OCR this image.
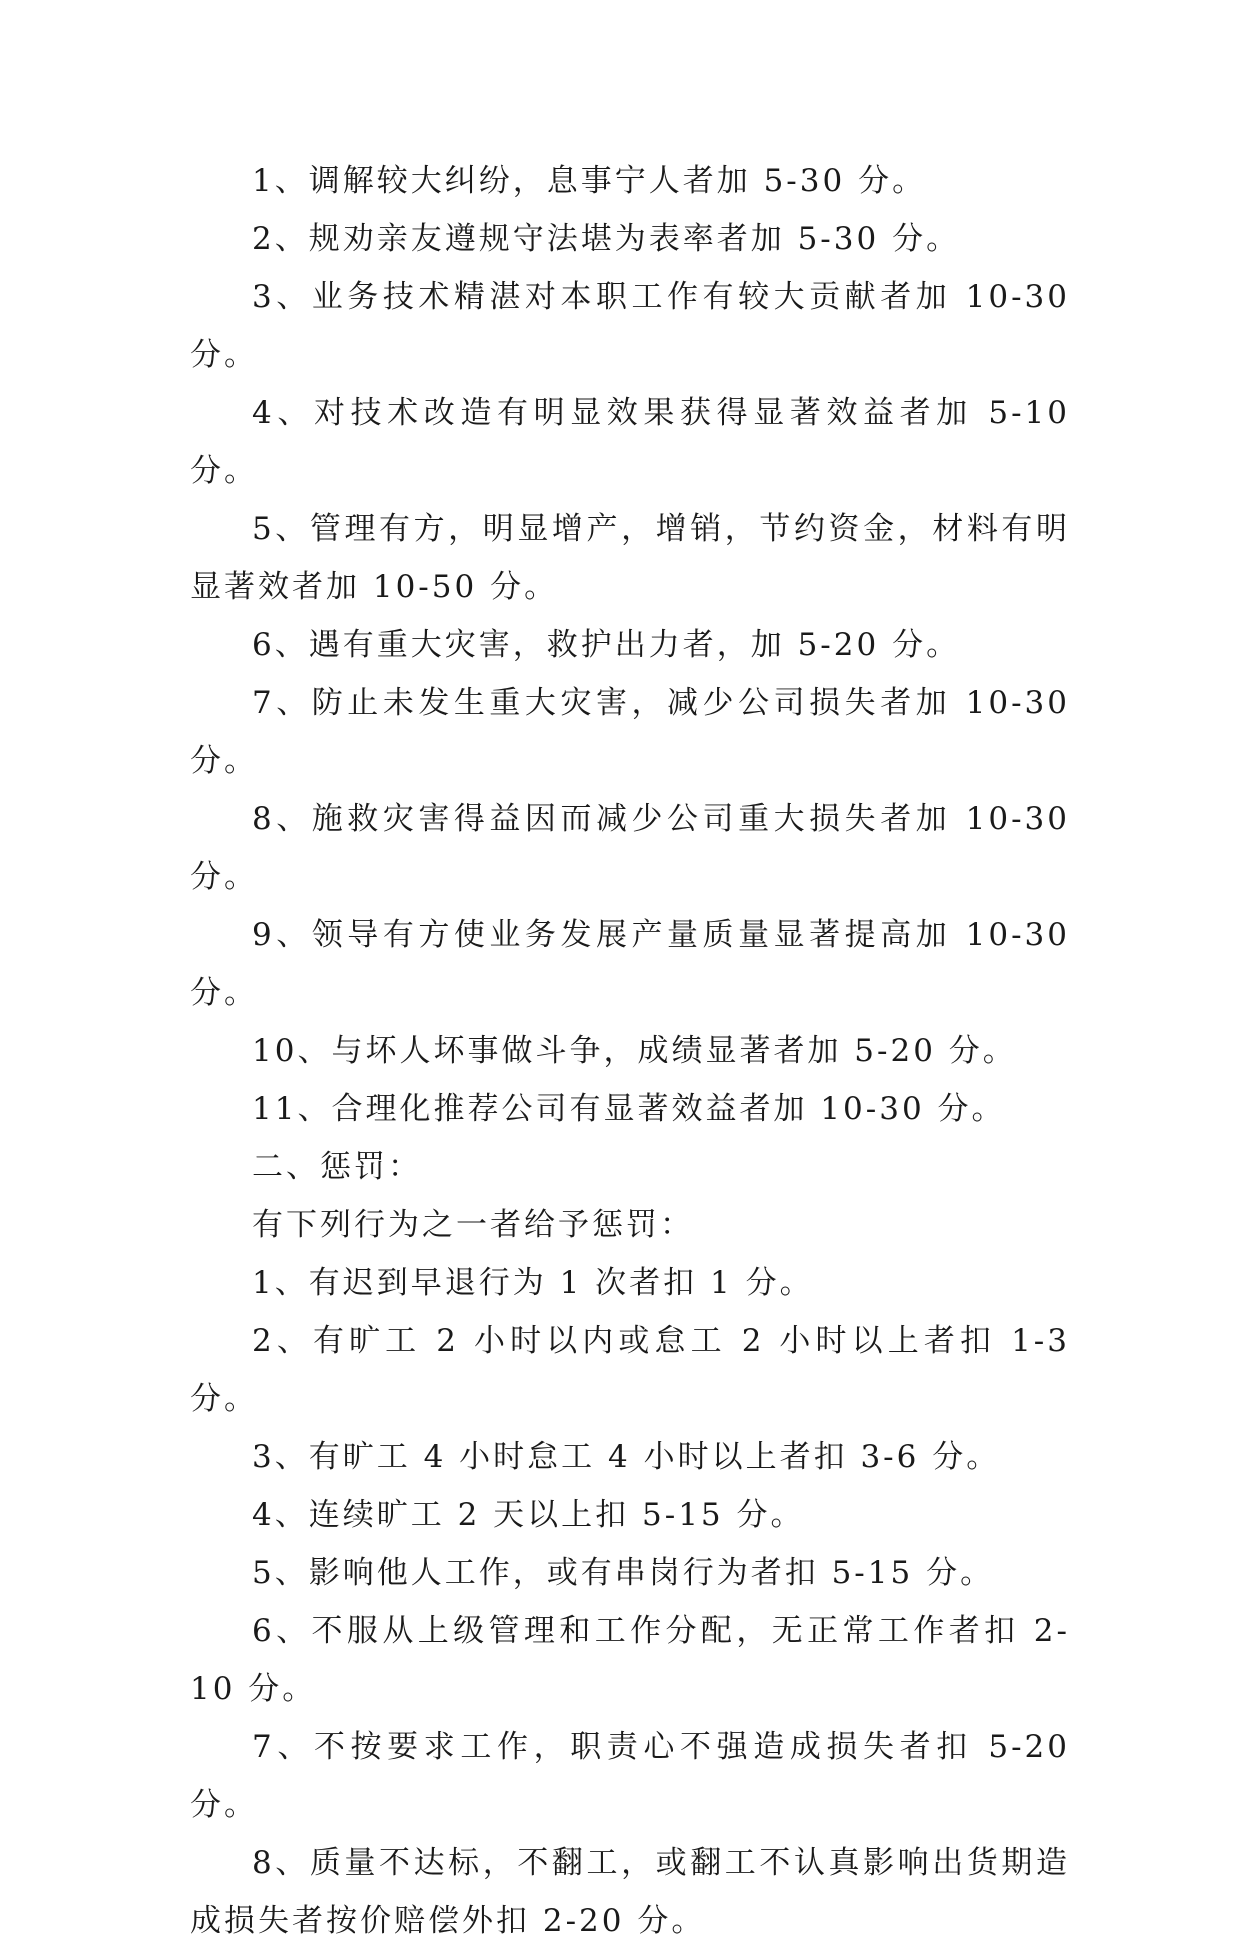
1、调解较大纠纷，息事宁人者加 5-30 分。

2、规劝亲友遵规守法堪为表率者加 5-30 分。

3、业务技术精湛对本职工作有较大贡献者加 10-30 分。

4、对技术改造有明显效果获得显著效益者加 5-10 分。

5、管理有方，明显增产，增销，节约资金，材料有明显著效者加 10-50 分。

6、遇有重大灾害，救护出力者，加 5-20 分。

7、防止未发生重大灾害，减少公司损失者加 10-30 分。

8、施救灾害得益因而减少公司重大损失者加 10-30 分。

9、领导有方使业务发展产量质量显著提高加 10-30 分。

10、与坏人坏事做斗争，成绩显著者加 5-20 分。

11、合理化推荐公司有显著效益者加 10-30 分。

二、惩罚：

有下列行为之一者给予惩罚：

1、有迟到早退行为 1 次者扣 1 分。

2、有旷工 2 小时以内或怠工 2 小时以上者扣 1-3 分。

3、有旷工 4 小时怠工 4 小时以上者扣 3-6 分。

4、连续旷工 2 天以上扣 5-15 分。

5、影响他人工作，或有串岗行为者扣 5-15 分。

6、不服从上级管理和工作分配，无正常工作者扣 2-10 分。

7、不按要求工作，职责心不强造成损失者扣 5-20 分。

8、质量不达标，不翻工，或翻工不认真影响出货期造成损失者按价赔偿外扣 2-20 分。
